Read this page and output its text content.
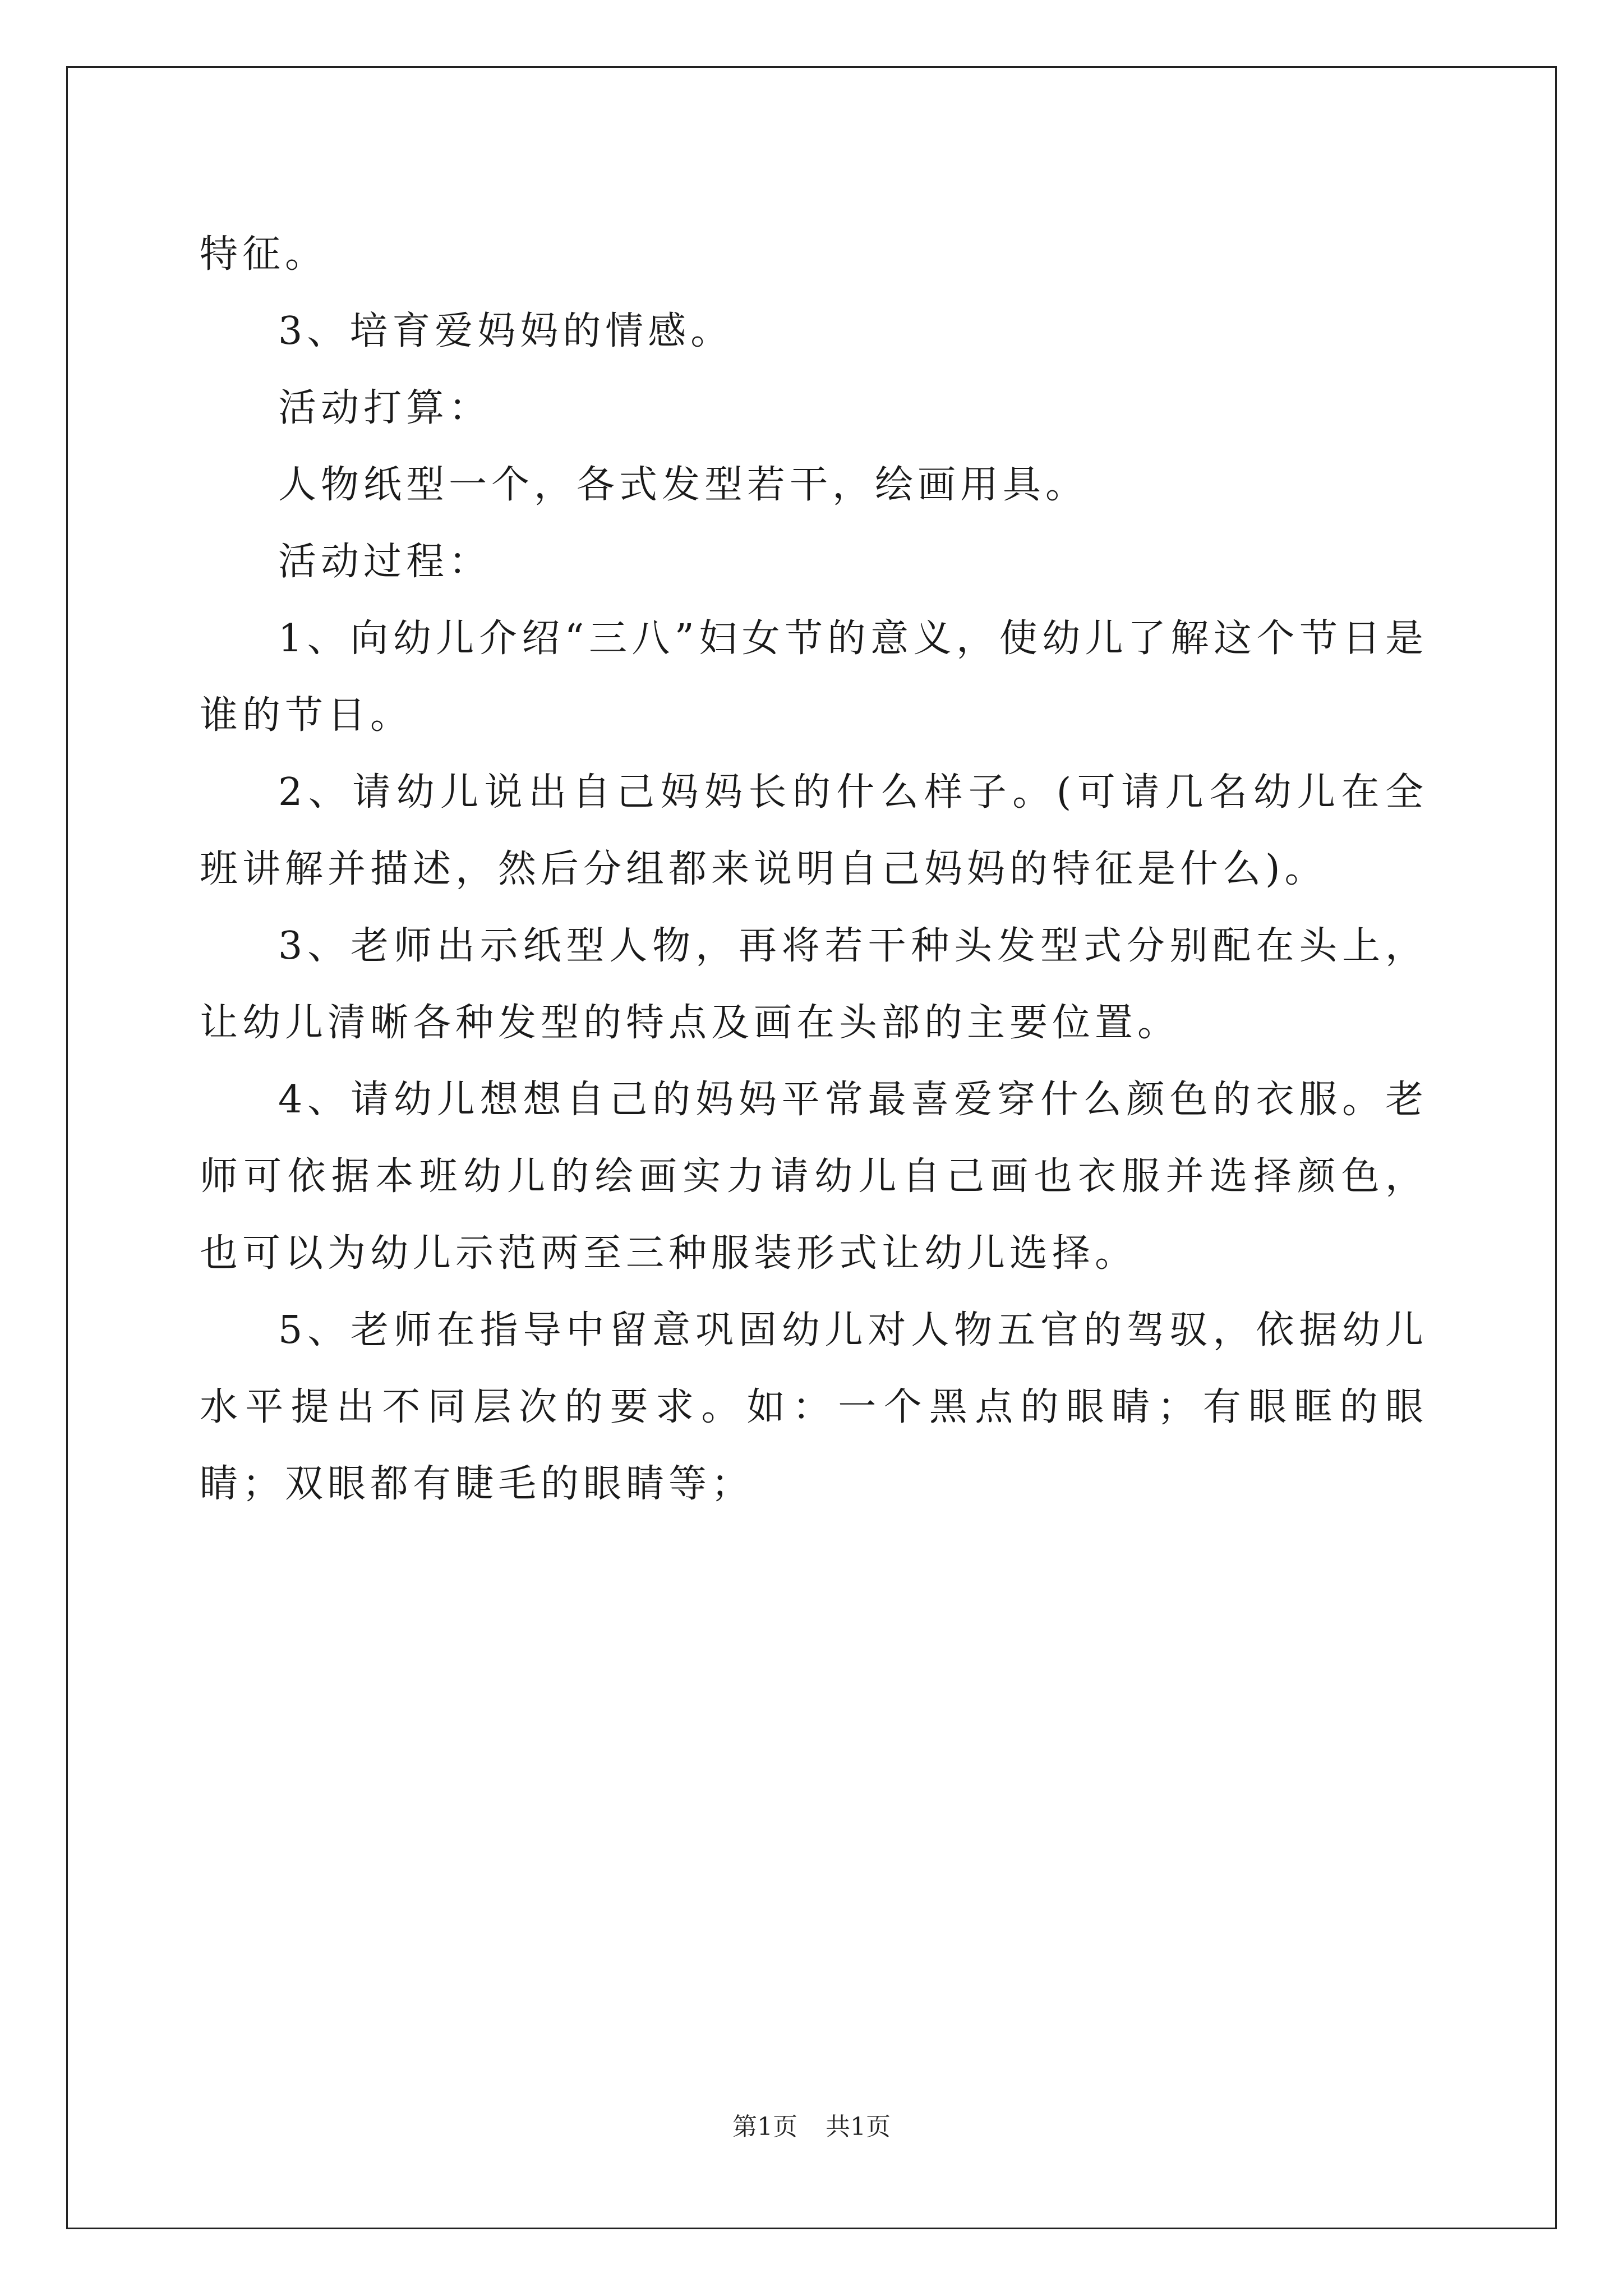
特征。

3、培育爱妈妈的情感。

活动打算：

人物纸型一个，各式发型若干，绘画用具。

活动过程：

1、向幼儿介绍“三八”妇女节的意义，使幼儿了解这个节日是谁的节日。

2、请幼儿说出自己妈妈长的什么样子。(可请几名幼儿在全班讲解并描述，然后分组都来说明自己妈妈的特征是什么)。

3、老师出示纸型人物，再将若干种头发型式分别配在头上，让幼儿清晰各种发型的特点及画在头部的主要位置。

4、请幼儿想想自己的妈妈平常最喜爱穿什么颜色的衣服。老师可依据本班幼儿的绘画实力请幼儿自己画也衣服并选择颜色，也可以为幼儿示范两至三种服装形式让幼儿选择。

5、老师在指导中留意巩固幼儿对人物五官的驾驭，依据幼儿水平提出不同层次的要求。如：一个黑点的眼睛；有眼眶的眼睛；双眼都有睫毛的眼睛等；

第1页 共1页
